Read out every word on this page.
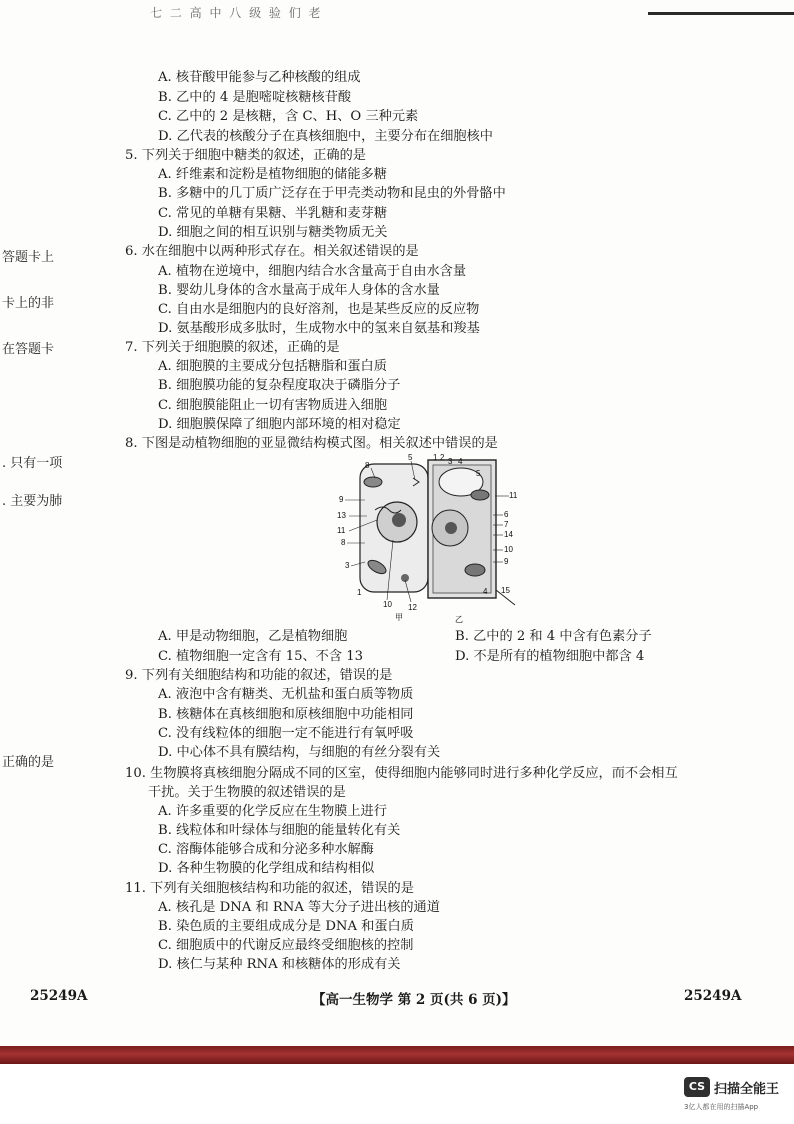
七 二 高 中 八 级 验 们 老
A. 核苷酸甲能参与乙种核酸的组成
B. 乙中的 4 是胞嘧啶核糖核苷酸
C. 乙中的 2 是核糖，含 C、H、O 三种元素
D. 乙代表的核酸分子在真核细胞中，主要分布在细胞核中
5. 下列关于细胞中糖类的叙述，正确的是
A. 纤维素和淀粉是植物细胞的储能多糖
B. 多糖中的几丁质广泛存在于甲壳类动物和昆虫的外骨骼中
C. 常见的单糖有果糖、半乳糖和麦芽糖
D. 细胞之间的相互识别与糖类物质无关
6. 水在细胞中以两种形式存在。相关叙述错误的是
A. 植物在逆境中，细胞内结合水含量高于自由水含量
B. 婴幼儿身体的含水量高于成年人身体的含水量
C. 自由水是细胞内的良好溶剂，也是某些反应的反应物
D. 氨基酸形成多肽时，生成物水中的氢来自氨基和羧基
7. 下列关于细胞膜的叙述，正确的是
A. 细胞膜的主要成分包括糖脂和蛋白质
B. 细胞膜功能的复杂程度取决于磷脂分子
C. 细胞膜能阻止一切有害物质进入细胞
D. 细胞膜保障了细胞内部环境的相对稳定
8. 下图是动植物细胞的亚显微结构模式图。相关叙述中错误的是
8
5
9
13
11
8
3
1
10 12
1 2 3 4
5
11
6
7
14
10
9
15
4
甲	乙
A. 甲是动物细胞，乙是植物细胞	B. 乙中的 2 和 4 中含有色素分子
C. 植物细胞一定含有 15、不含 13	D. 不是所有的植物细胞中都含 4
9. 下列有关细胞结构和功能的叙述，错误的是
A. 液泡中含有糖类、无机盐和蛋白质等物质
B. 核糖体在真核细胞和原核细胞中功能相同
C. 没有线粒体的细胞一定不能进行有氧呼吸
D. 中心体不具有膜结构，与细胞的有丝分裂有关
10. 生物膜将真核细胞分隔成不同的区室，使得细胞内能够同时进行多种化学反应，而不会相互
干扰。关于生物膜的叙述错误的是
A. 许多重要的化学反应在生物膜上进行
B. 线粒体和叶绿体与细胞的能量转化有关
C. 溶酶体能够合成和分泌多种水解酶
D. 各种生物膜的化学组成和结构相似
11. 下列有关细胞核结构和功能的叙述，错误的是
A. 核孔是 DNA 和 RNA 等大分子进出核的通道
B. 染色质的主要组成成分是 DNA 和蛋白质
C. 细胞质中的代谢反应最终受细胞核的控制
D. 核仁与某种 RNA 和核糖体的形成有关
答题卡上
卡上的非
在答题卡
. 只有一项
. 主要为肺
正确的是
25249A	【高一生物学 第 2 页(共 6 页)】	25249A
CS 扫描全能王
3亿人都在用的扫描App
